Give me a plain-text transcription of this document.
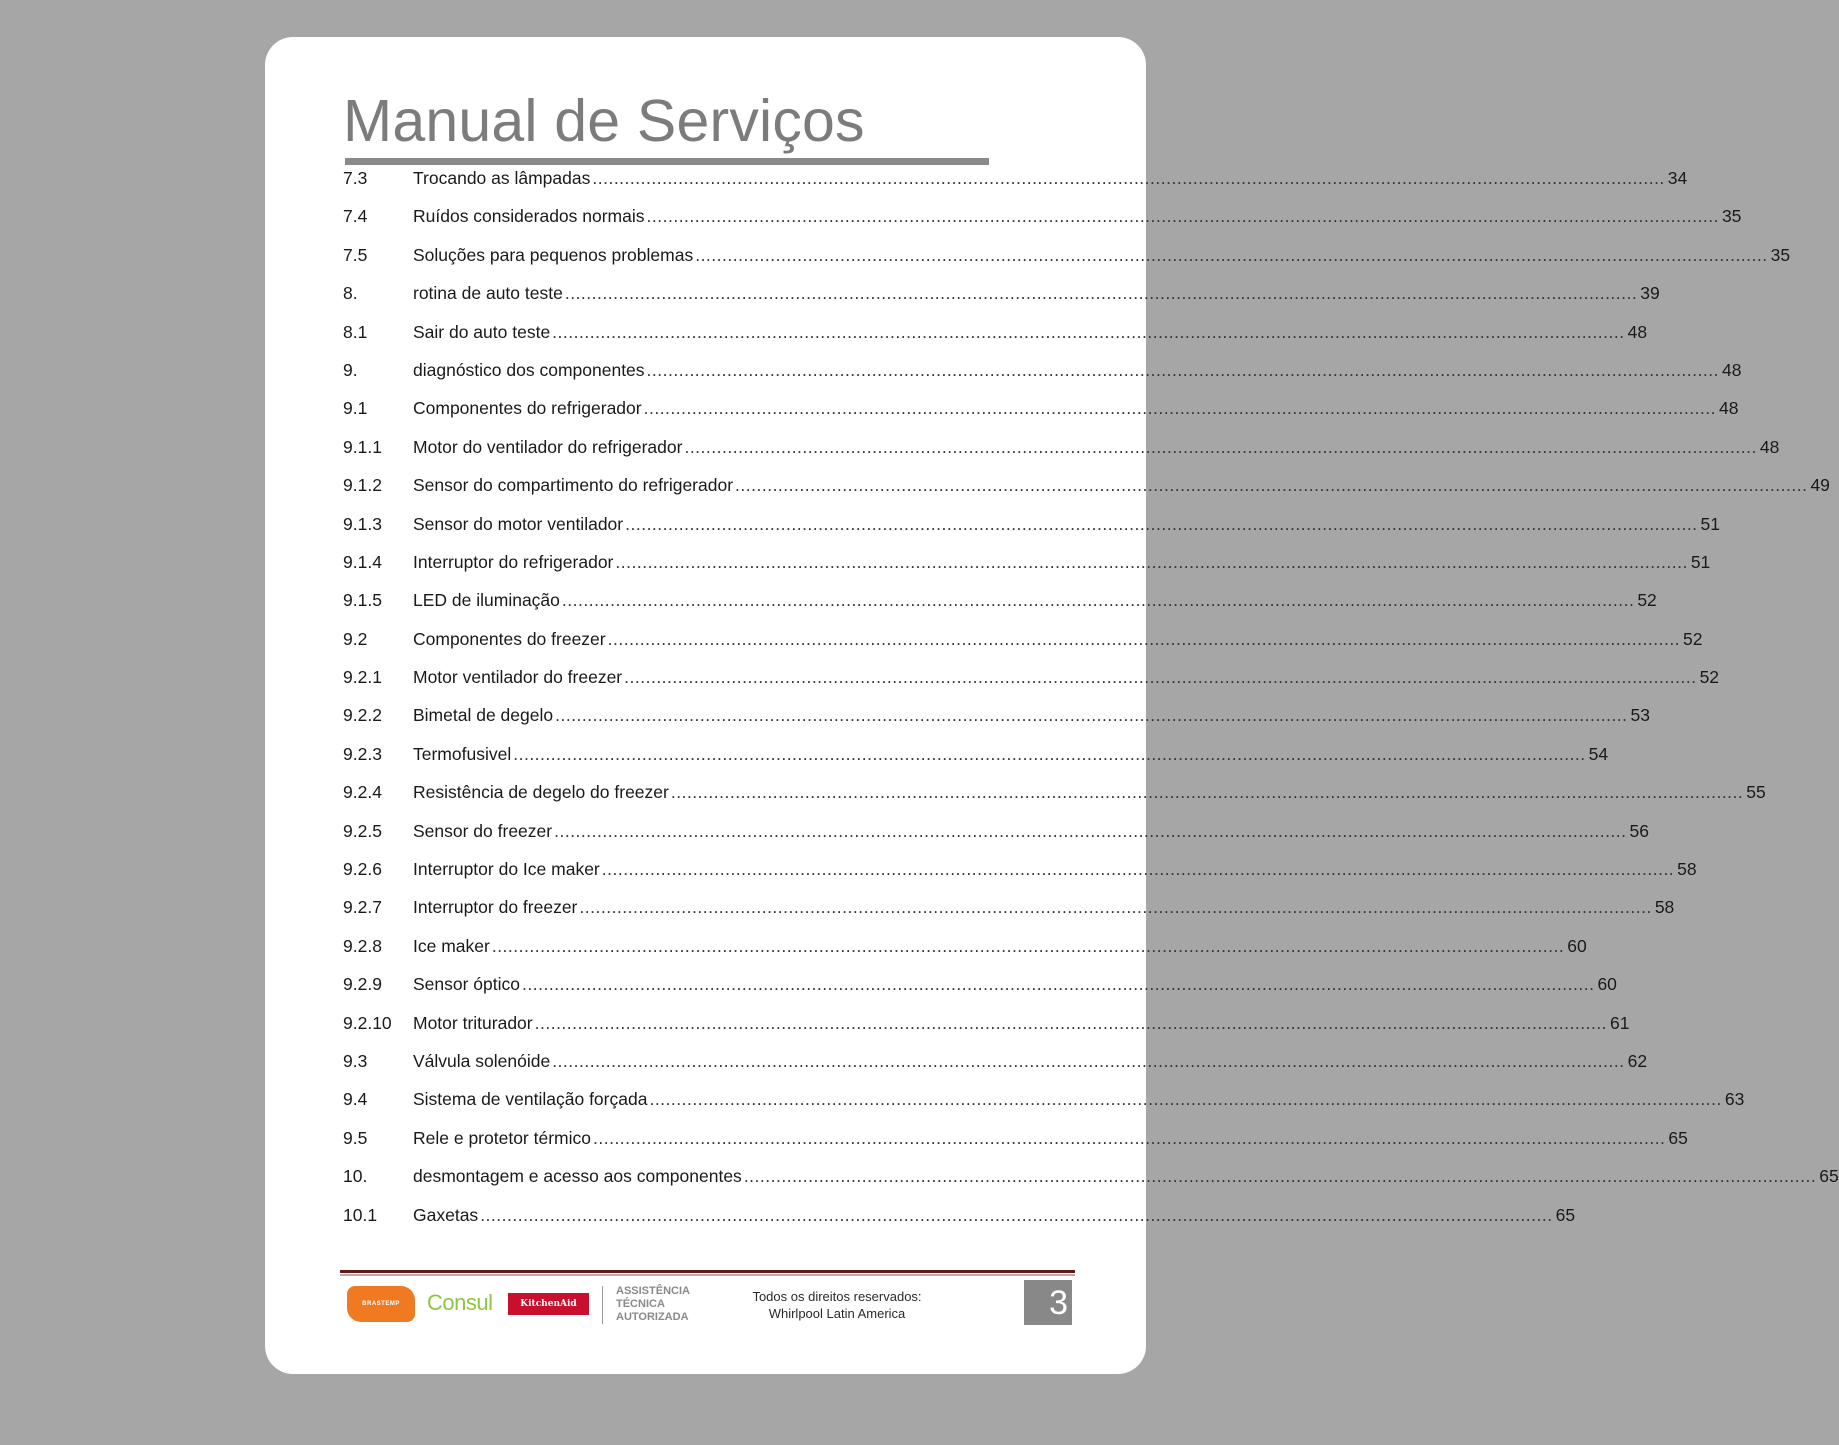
Manual de Serviços
7.3	Trocando as lâmpadas ........................................................................................................................................................................................................ 34
7.4	Ruídos considerados normais ........................................................................................................................................................................................................ 35
7.5	Soluções para pequenos problemas ........................................................................................................................................................................................................ 35
8.	rotina de auto teste ........................................................................................................................................................................................................ 39
8.1	Sair do auto teste ........................................................................................................................................................................................................ 48
9.	diagnóstico dos componentes ........................................................................................................................................................................................................ 48
9.1	Componentes do refrigerador ........................................................................................................................................................................................................ 48
9.1.1	Motor do ventilador do refrigerador ........................................................................................................................................................................................................ 48
9.1.2	Sensor do compartimento do refrigerador ........................................................................................................................................................................................................ 49
9.1.3	Sensor do motor ventilador ........................................................................................................................................................................................................ 51
9.1.4	Interruptor do refrigerador ........................................................................................................................................................................................................ 51
9.1.5	LED de iluminação ........................................................................................................................................................................................................ 52
9.2	Componentes do freezer ........................................................................................................................................................................................................ 52
9.2.1	Motor ventilador do freezer ........................................................................................................................................................................................................ 52
9.2.2	Bimetal de degelo ........................................................................................................................................................................................................ 53
9.2.3	Termofusivel ........................................................................................................................................................................................................ 54
9.2.4	Resistência de degelo do freezer ........................................................................................................................................................................................................ 55
9.2.5	Sensor do freezer ........................................................................................................................................................................................................ 56
9.2.6	Interruptor do Ice maker ........................................................................................................................................................................................................ 58
9.2.7	Interruptor do freezer ........................................................................................................................................................................................................ 58
9.2.8	Ice maker ........................................................................................................................................................................................................ 60
9.2.9	Sensor óptico ........................................................................................................................................................................................................ 60
9.2.10	Motor triturador ........................................................................................................................................................................................................ 61
9.3	Válvula solenóide ........................................................................................................................................................................................................ 62
9.4	Sistema de ventilação forçada ........................................................................................................................................................................................................ 63
9.5	Rele e protetor térmico ........................................................................................................................................................................................................ 65
10.	desmontagem e acesso aos componentes ........................................................................................................................................................................................................ 65
10.1	Gaxetas ........................................................................................................................................................................................................ 65
BRASTEMP	Consul	KitchenAid
ASSISTÊNCIA
TÉCNICA
AUTORIZADA
Todos os direitos reservados:
Whirlpool Latin America	3
